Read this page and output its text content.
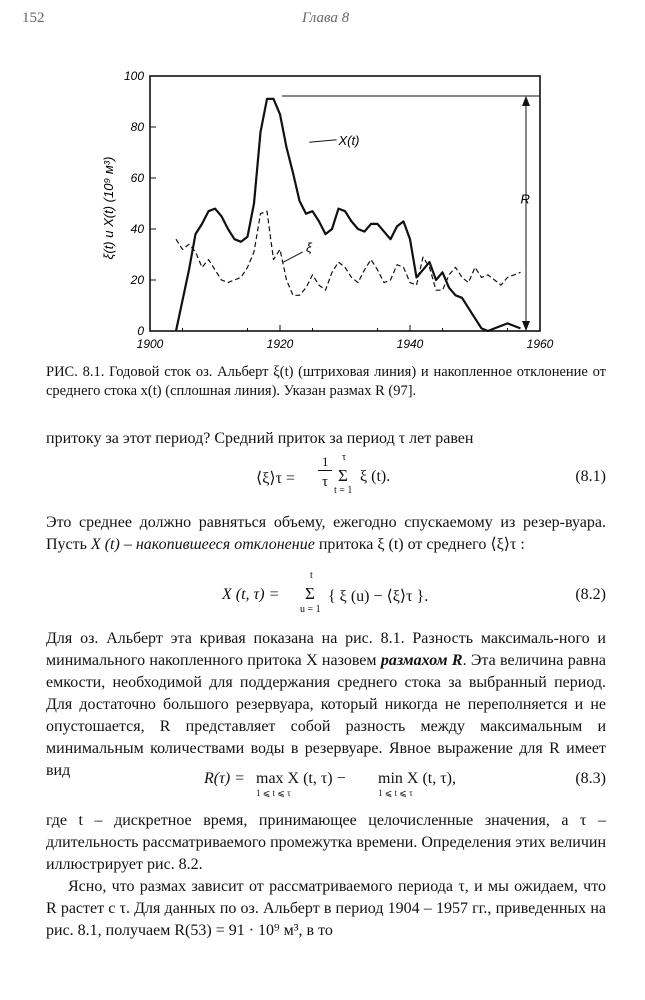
152	Глава 8
0
20
40
60
80
100
1900	1920	1940	1960
ξ(t) u X(t) (10⁹ м³)
X(t)
ξ
R
РИС. 8.1. Годовой сток оз. Альберт ξ(t) (штриховая линия) и накопленное отклонение от среднего стока x(t) (сплошная линия). Указан размах R (97].

притоку за этот период? Средний приток за период τ лет равен

⟨ξ⟩τ =
1
τ
τ
Σ
t = 1
ξ (t).	(8.1)

Это среднее должно равняться объему, ежегодно спускаемому из резер-вуара. Пусть X (t) – накопившееся отклонение притока ξ (t) от среднего ⟨ξ⟩τ :

X (t, τ) =
t
Σ
u = 1
{ ξ (u) − ⟨ξ⟩τ }.	(8.2)

Для оз. Альберт эта кривая показана на рис. 8.1. Разность максималь-ного и минимального накопленного притока X назовем размахом R. Эта величина равна емкости, необходимой для поддержания среднего стока за выбранный период. Для достаточно большого резервуара, который никогда не переполняется и не опустошается, R представляет собой разность между максимальным и минимальным количествами воды в резервуаре. Явное выражение для R имеет вид	R(τ) = max X (t, τ) −
1 ⩽ t ⩽ τ
min X (t, τ),
1 ⩽ t ⩽ τ
(8.3)

где t – дискретное время, принимающее целочисленные значения, а τ – длительность рассматриваемого промежутка времени. Определения этих величин иллюстрирует рис. 8.2.

Ясно, что размах зависит от рассматриваемого периода τ, и мы ожидаем, что R растет с τ. Для данных по оз. Альберт в период 1904 – 1957 гг., приведенных на рис. 8.1, получаем R(53) = 91 · 10⁹ м³, в то
